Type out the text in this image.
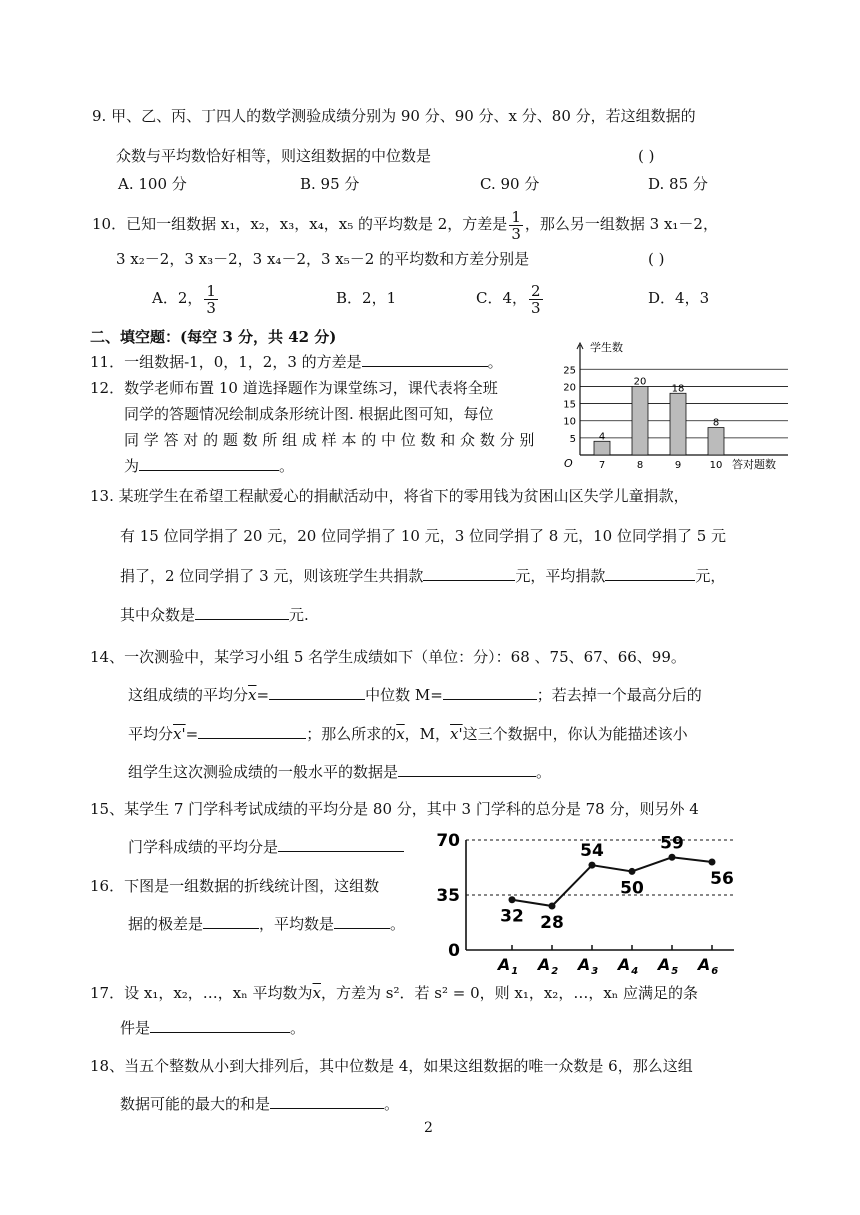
9. 甲、乙、丙、丁四人的数学测验成绩分别为 90 分、90 分、x 分、80 分，若这组数据的
众数与平均数恰好相等，则这组数据的中位数是	( )
A. 100 分	B. 95 分	C. 90 分	D. 85 分
10．已知一组数据 x₁，x₂，x₃，x₄，x₅ 的平均数是 2，方差是 $\frac{1}{3}$ ，那么另一组数据 3 x₁－2，
3 x₂－2，3 x₃－2，3 x₄－2，3 x₅－2 的平均数和方差分别是	( )
A．2， $\frac{1}{3}$	B．2，1	C．4， $\frac{2}{3}$	D．4，3
二、填空题：(每空 3 分，共 42 分)
11．一组数据-1，0，1，2，3 的方差是	。
12．数学老师布置 10 道选择题作为课堂练习，课代表将全班
同学的答题情况绘制成条形统计图. 根据此图可知，每位
同 学 答 对 的 题 数 所 组 成 样 本 的 中 位 数 和 众 数 分 别
为	。
5
10
15
20
25
4
7
20
8
18
9
8
10
学生数
答对题数
O
13. 某班学生在希望工程献爱心的捐献活动中，将省下的零用钱为贫困山区失学儿童捐款，
有 15 位同学捐了 20 元，20 位同学捐了 10 元，3 位同学捐了 8 元，10 位同学捐了 5 元
捐了，2 位同学捐了 3 元，则该班学生共捐款	元，平均捐款	元，
其中众数是	元.
14、一次测验中，某学习小组 5 名学生成绩如下（单位：分）：68 、75、67、66、99。
这组成绩的平均分$\overline{x}=$	中位数 M=	；若去掉一个最高分后的
平均分x'=	；那么所求的$\overline{x}$，M，x'这三个数据中，你认为能描述该小
组学生这次测验成绩的一般水平的数据是	。
15、某学生 7 门学科考试成绩的平均分是 80 分，其中 3 门学科的总分是 78 分，则另外 4
门学科成绩的平均分是
16．下图是一组数据的折线统计图，这组数
据的极差是	，平均数是	。
0
35
70
32
$A_1$
28
$A_2$
54
$A_3$
50
$A_4$
59
$A_5$
56
$A_6$
17．设 x₁，x₂，…，xₙ 平均数为$\overline{x}$，方差为 s²．若 s² = 0，则 x₁，x₂，…，xₙ 应满足的条
件是	。
18、当五个整数从小到大排列后，其中位数是 4，如果这组数据的唯一众数是 6，那么这组
数据可能的最大的和是	。
2
